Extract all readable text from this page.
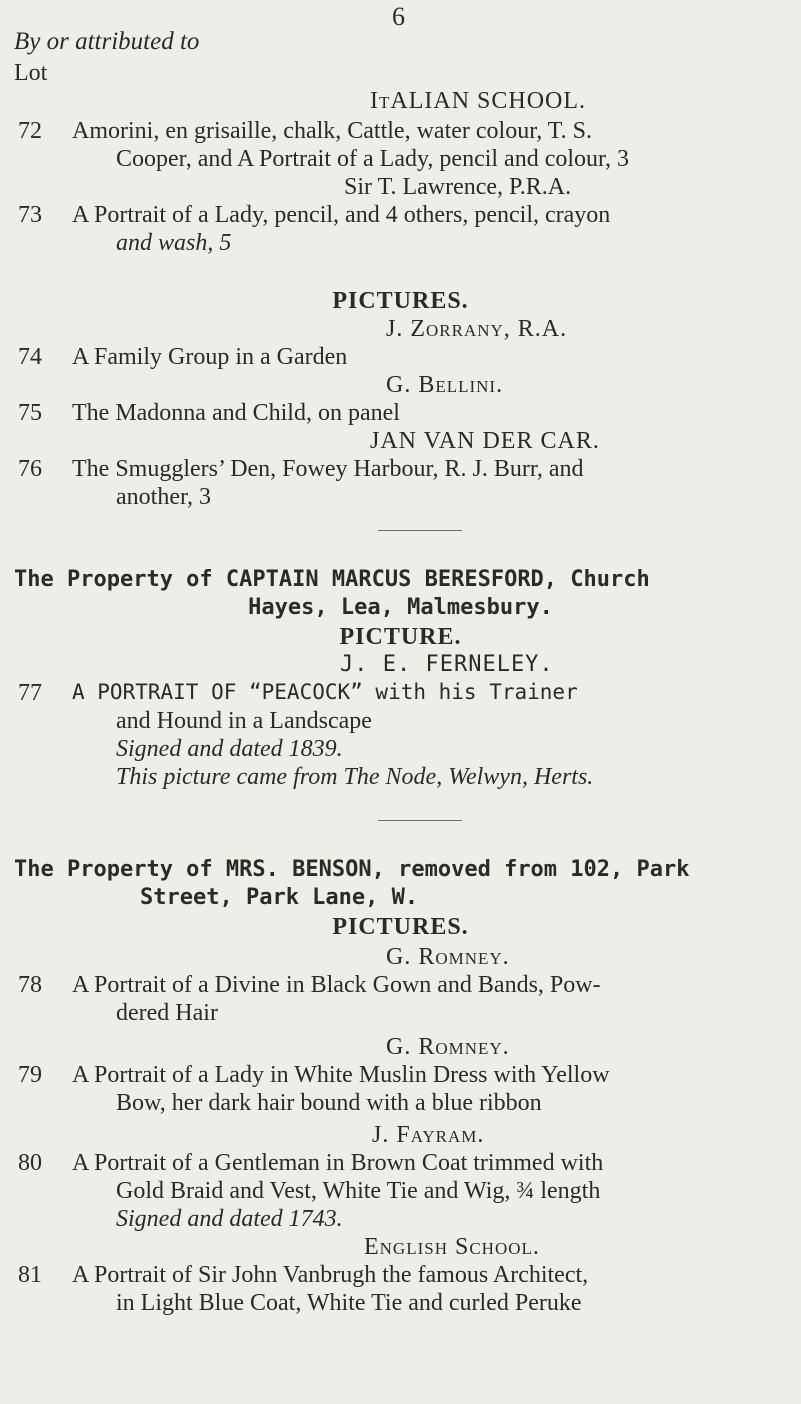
6
By or attributed to
Lot
ItALIAN SCHOOL.
72 Amorini, en grisaille, chalk, Cattle, water colour, T. S.
Cooper, and A Portrait of a Lady, pencil and colour, 3
Sir T. Lawrence, P.R.A.
73 A Portrait of a Lady, pencil, and 4 others, pencil, crayon
and wash, 5
PICTURES.
J. Zorrany, R.A.
74 A Family Group in a Garden
G. Bellini.
75 The Madonna and Child, on panel
JAN VAN DER CAR.
76 The Smugglers’ Den, Fowey Harbour, R. J. Burr, and
another, 3
The Property of CAPTAIN MARCUS BERESFORD, Church
Hayes, Lea, Malmesbury.
PICTURE.
J. E. FERNELEY.
77 A PORTRAIT OF “PEACOCK” with his Trainer
and Hound in a Landscape
Signed and dated 1839.
This picture came from The Node, Welwyn, Herts.
The Property of MRS. BENSON, removed from 102, Park
Street, Park Lane, W.
PICTURES.
G. Romney.
78 A Portrait of a Divine in Black Gown and Bands, Pow-
dered Hair
G. Romney.
79 A Portrait of a Lady in White Muslin Dress with Yellow
Bow, her dark hair bound with a blue ribbon
J. Fayram.
80 A Portrait of a Gentleman in Brown Coat trimmed with
Gold Braid and Vest, White Tie and Wig, ¾ length
Signed and dated 1743.
English School.
81 A Portrait of Sir John Vanbrugh the famous Architect,
in Light Blue Coat, White Tie and curled Peruke
